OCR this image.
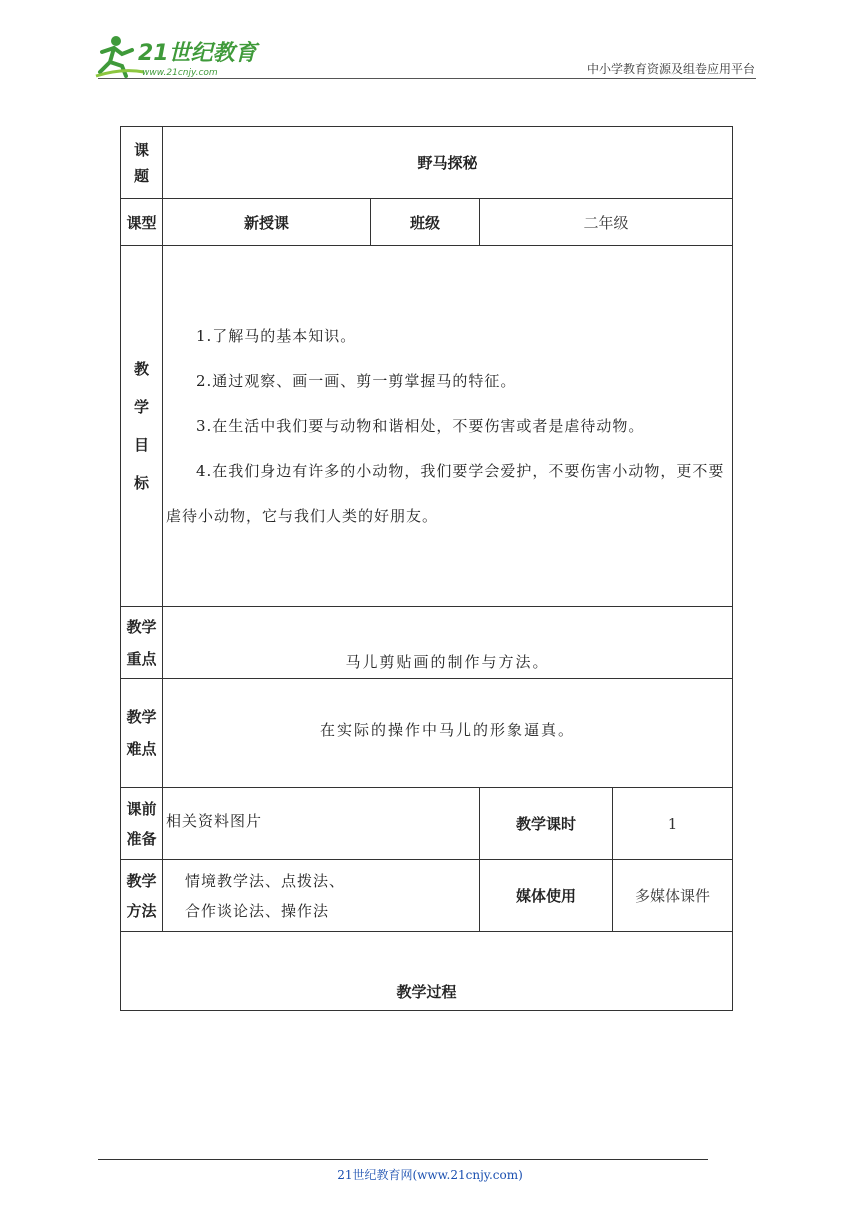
21世纪教育
www.21cnjy.com	中小学教育资源及组卷应用平台
课题	野马探秘			
课型	新授课	班级	二年级	

教学目标	1.了解马的基本知识。

2.通过观察、画一画、剪一剪掌握马的特征。

3.在生活中我们要与动物和谐相处，不要伤害或者是虐待动物。

4.在我们身边有许多的小动物，我们要学会爱护，不要伤害小动物，更不要虐待小动物，它与我们人类的好朋友。			

教学重点	马儿剪贴画的制作与方法。			

教学难点	在实际的操作中马儿的形象逼真。			

课前准备	相关资料图片		教学课时	1

教学方法	情境教学法、点拨法、
合作谈论法、操作法		媒体使用	多媒体课件
教学过程				
21世纪教育网(www.21cnjy.com)
